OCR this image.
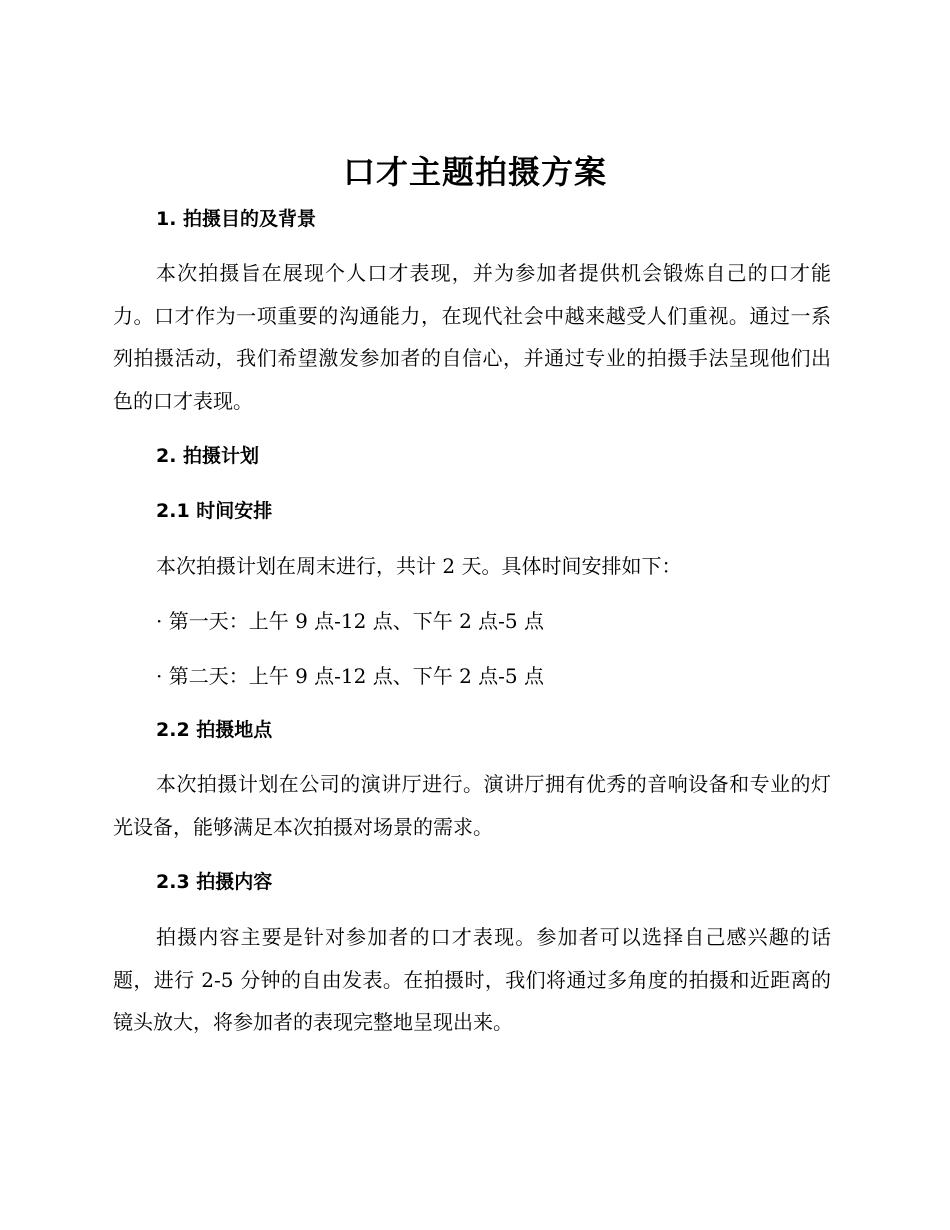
口才主题拍摄方案
1. 拍摄目的及背景
本次拍摄旨在展现个人口才表现，并为参加者提供机会锻炼自己的口才能力。口才作为一项重要的沟通能力，在现代社会中越来越受人们重视。通过一系列拍摄活动，我们希望激发参加者的自信心，并通过专业的拍摄手法呈现他们出色的口才表现。
2. 拍摄计划
2.1 时间安排
本次拍摄计划在周末进行，共计 2 天。具体时间安排如下：
· 第一天：上午 9 点-12 点、下午 2 点-5 点
· 第二天：上午 9 点-12 点、下午 2 点-5 点
2.2 拍摄地点
本次拍摄计划在公司的演讲厅进行。演讲厅拥有优秀的音响设备和专业的灯光设备，能够满足本次拍摄对场景的需求。
2.3 拍摄内容
拍摄内容主要是针对参加者的口才表现。参加者可以选择自己感兴趣的话题，进行 2-5 分钟的自由发表。在拍摄时，我们将通过多角度的拍摄和近距离的镜头放大，将参加者的表现完整地呈现出来。
